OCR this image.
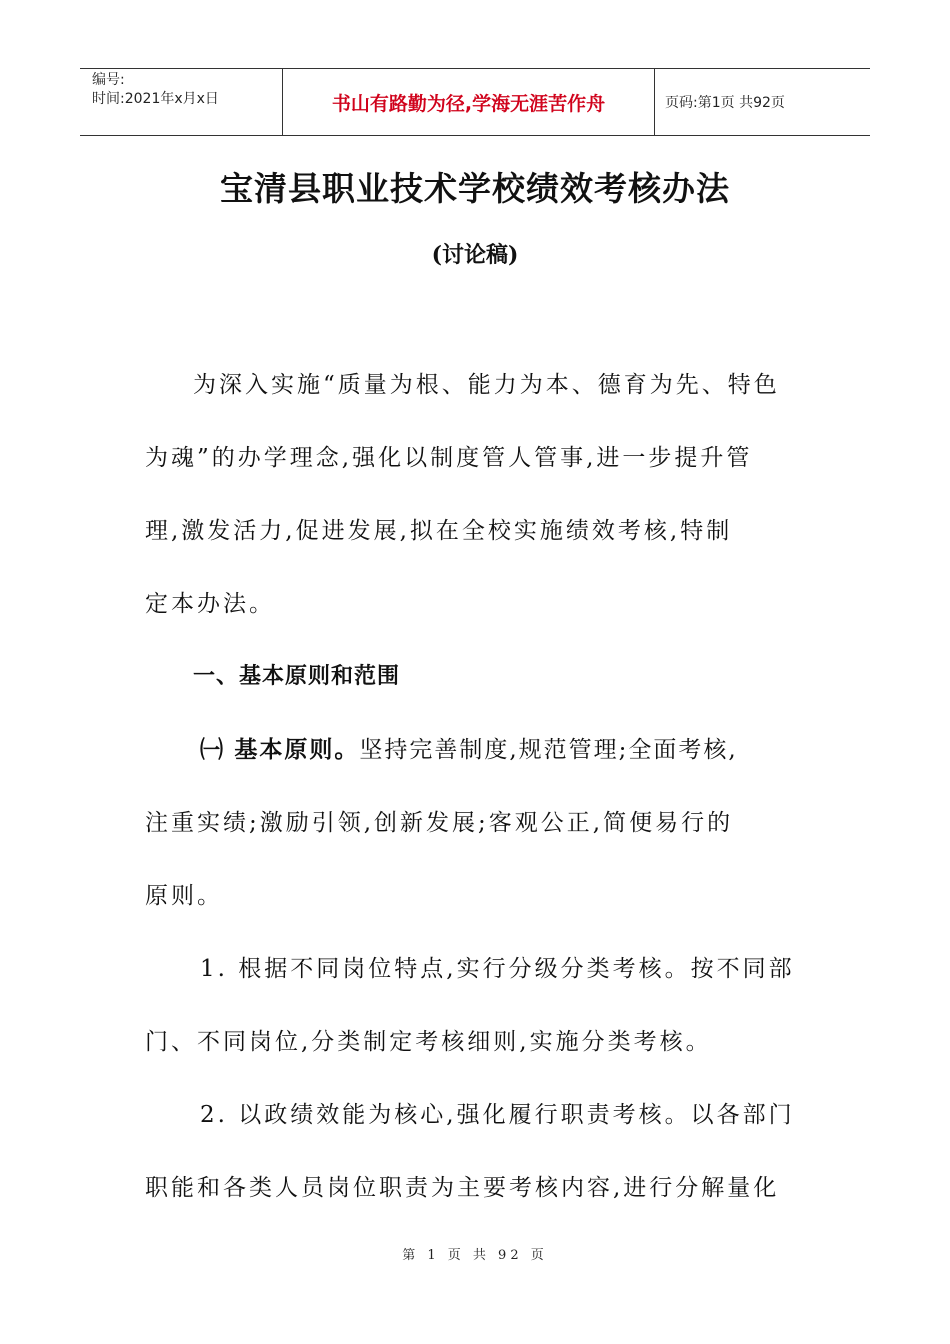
编号:
时间:2021年x月x日	书山有路勤为径,学海无涯苦作舟	页码:第1页 共92页
宝清县职业技术学校绩效考核办法
(讨论稿)
为深入实施“质量为根、能力为本、德育为先、特色
为魂”的办学理念,强化以制度管人管事,进一步提升管
理,激发活力,促进发展,拟在全校实施绩效考核,特制
定本办法。
一、基本原则和范围
㈠ 基本原则。坚持完善制度,规范管理;全面考核,
注重实绩;激励引领,创新发展;客观公正,简便易行的
原则。
1. 根据不同岗位特点,实行分级分类考核。按不同部
门、不同岗位,分类制定考核细则,实施分类考核。
2. 以政绩效能为核心,强化履行职责考核。以各部门
职能和各类人员岗位职责为主要考核内容,进行分解量化
第 1 页 共 92 页
